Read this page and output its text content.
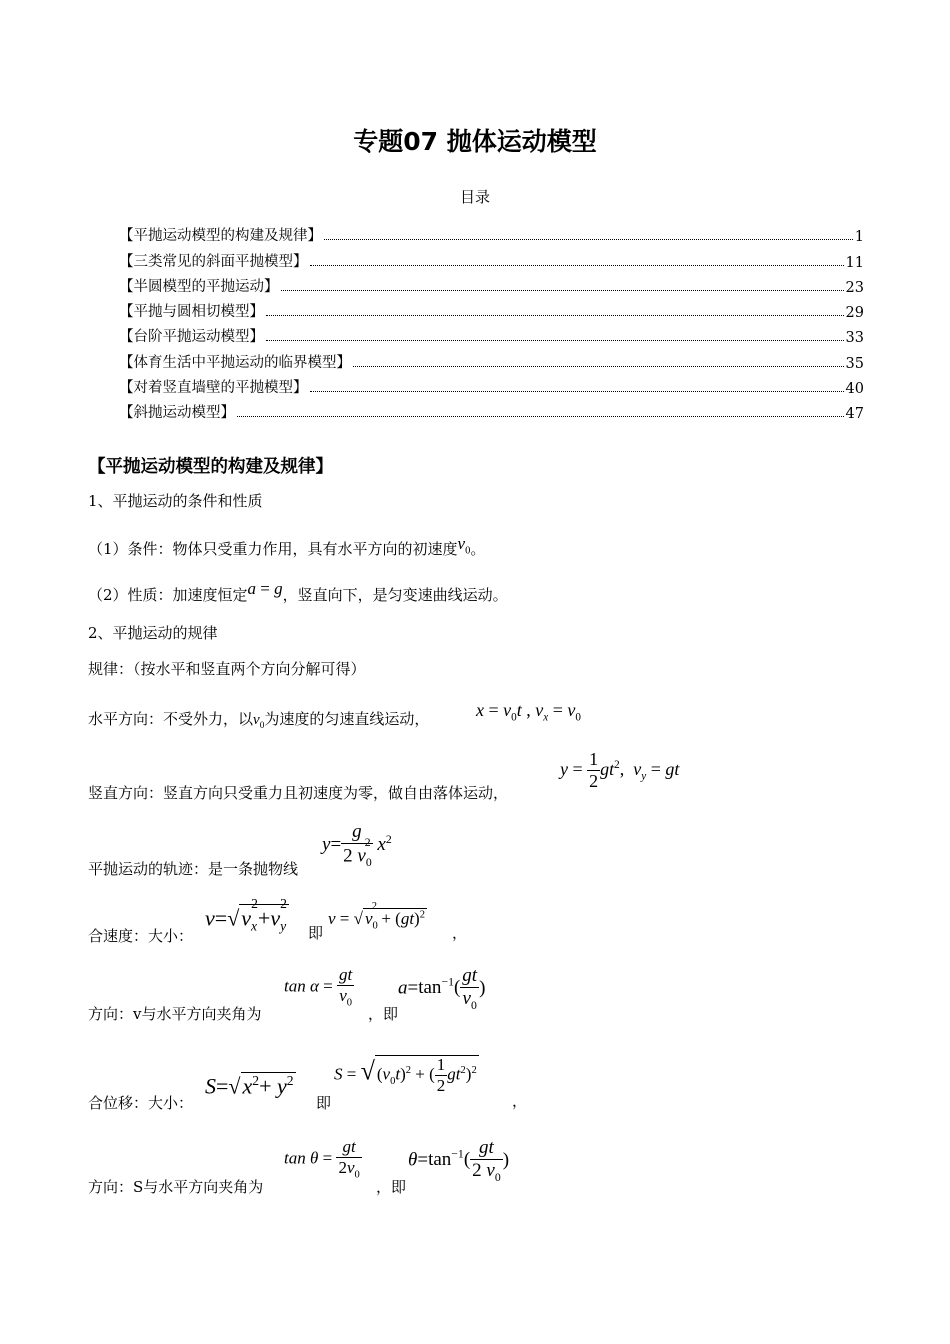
专题07 抛体运动模型
目录
【平抛运动模型的构建及规律】	1
【三类常见的斜面平抛模型】	11
【半圆模型的平抛运动】	23
【平抛与圆相切模型】	29
【台阶平抛运动模型】	33
【体育生活中平抛运动的临界模型】	35
【对着竖直墙壁的平抛模型】	40
【斜抛运动模型】	47
【平抛运动模型的构建及规律】
1、平抛运动的条件和性质
（1）条件：物体只受重力作用，具有水平方向的初速度$v_0$。
（2）性质：加速度恒定a = g，竖直向下，是匀变速曲线运动。
2、平抛运动的规律
规律：（按水平和竖直两个方向分解可得）
水平方向：不受外力，以$v_0$为速度的匀速直线运动，	$x = v_0t$ , $v_x = v_0$
竖直方向：竖直方向只受重力且初速度为零，做自由落体运动，
$y = \frac{1}{2} gt^2$,  $v_y$ = gt
平抛运动的轨迹：是一条抛物线
$y= \frac{g}{2 v_0^2} x^2$
合速度：大小：
$v=√v_x^2+v_y^2$
即
v = √ $v_0^2 + (gt)^2$
，
方向：v与水平方向夹角为
$\tan \alpha = \frac{gt}{v_0}$
，即
$a=\tan^{-1}( \frac{gt}{v_0}$ )
合位移：大小：
$S=√x^2+ y^2$
即
S = √ $(v_0t)^2$ + ( $\frac{1}{2} gt^2)^2$
，
方向：S与水平方向夹角为
$\tan \theta = \frac{gt}{2v_0}$
，即
$\theta=\tan^{-1}( \frac{gt}{2 v_0}$ )
